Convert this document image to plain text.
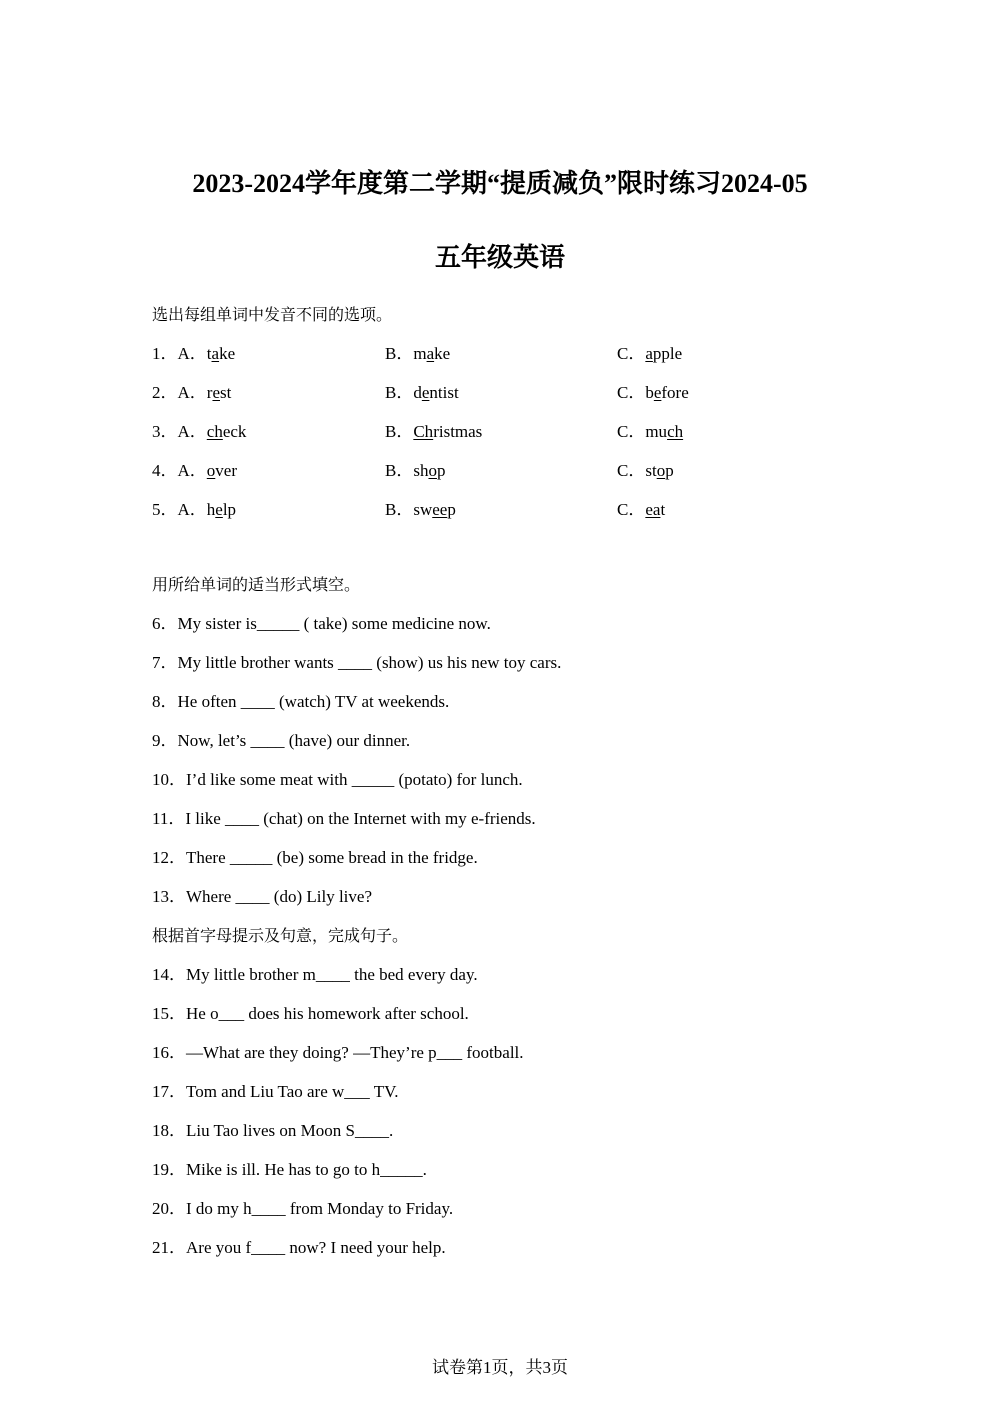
2023-2024学年度第二学期“提质减负”限时练习2024-05
五年级英语
选出每组单词中发音不同的选项。
1．A．take	B．make	C．apple
2．A．rest	B．dentist	C．before
3．A．check	B．Christmas	C．much
4．A．over	B．shop	C．stop
5．A．help	B．sweep	C．eat
用所给单词的适当形式填空。
6．My sister is_____ ( take) some medicine now.
7．My little brother wants ____ (show) us his new toy cars.
8．He often ____ (watch) TV at weekends.
9．Now, let’s ____ (have) our dinner.
10．I’d like some meat with _____ (potato) for lunch.
11．I like ____ (chat) on the Internet with my e-friends.
12．There _____ (be) some bread in the fridge.
13．Where ____ (do) Lily live?
根据首字母提示及句意，完成句子。
14．My little brother m____ the bed every day.
15．He o___ does his homework after school.
16．—What are they doing? —They’re p___ football.
17．Tom and Liu Tao are w___ TV.
18．Liu Tao lives on Moon S____.
19．Mike is ill. He has to go to h_____.
20．I do my h____ from Monday to Friday.
21．Are you f____ now? I need your help.
试卷第1页，共3页
